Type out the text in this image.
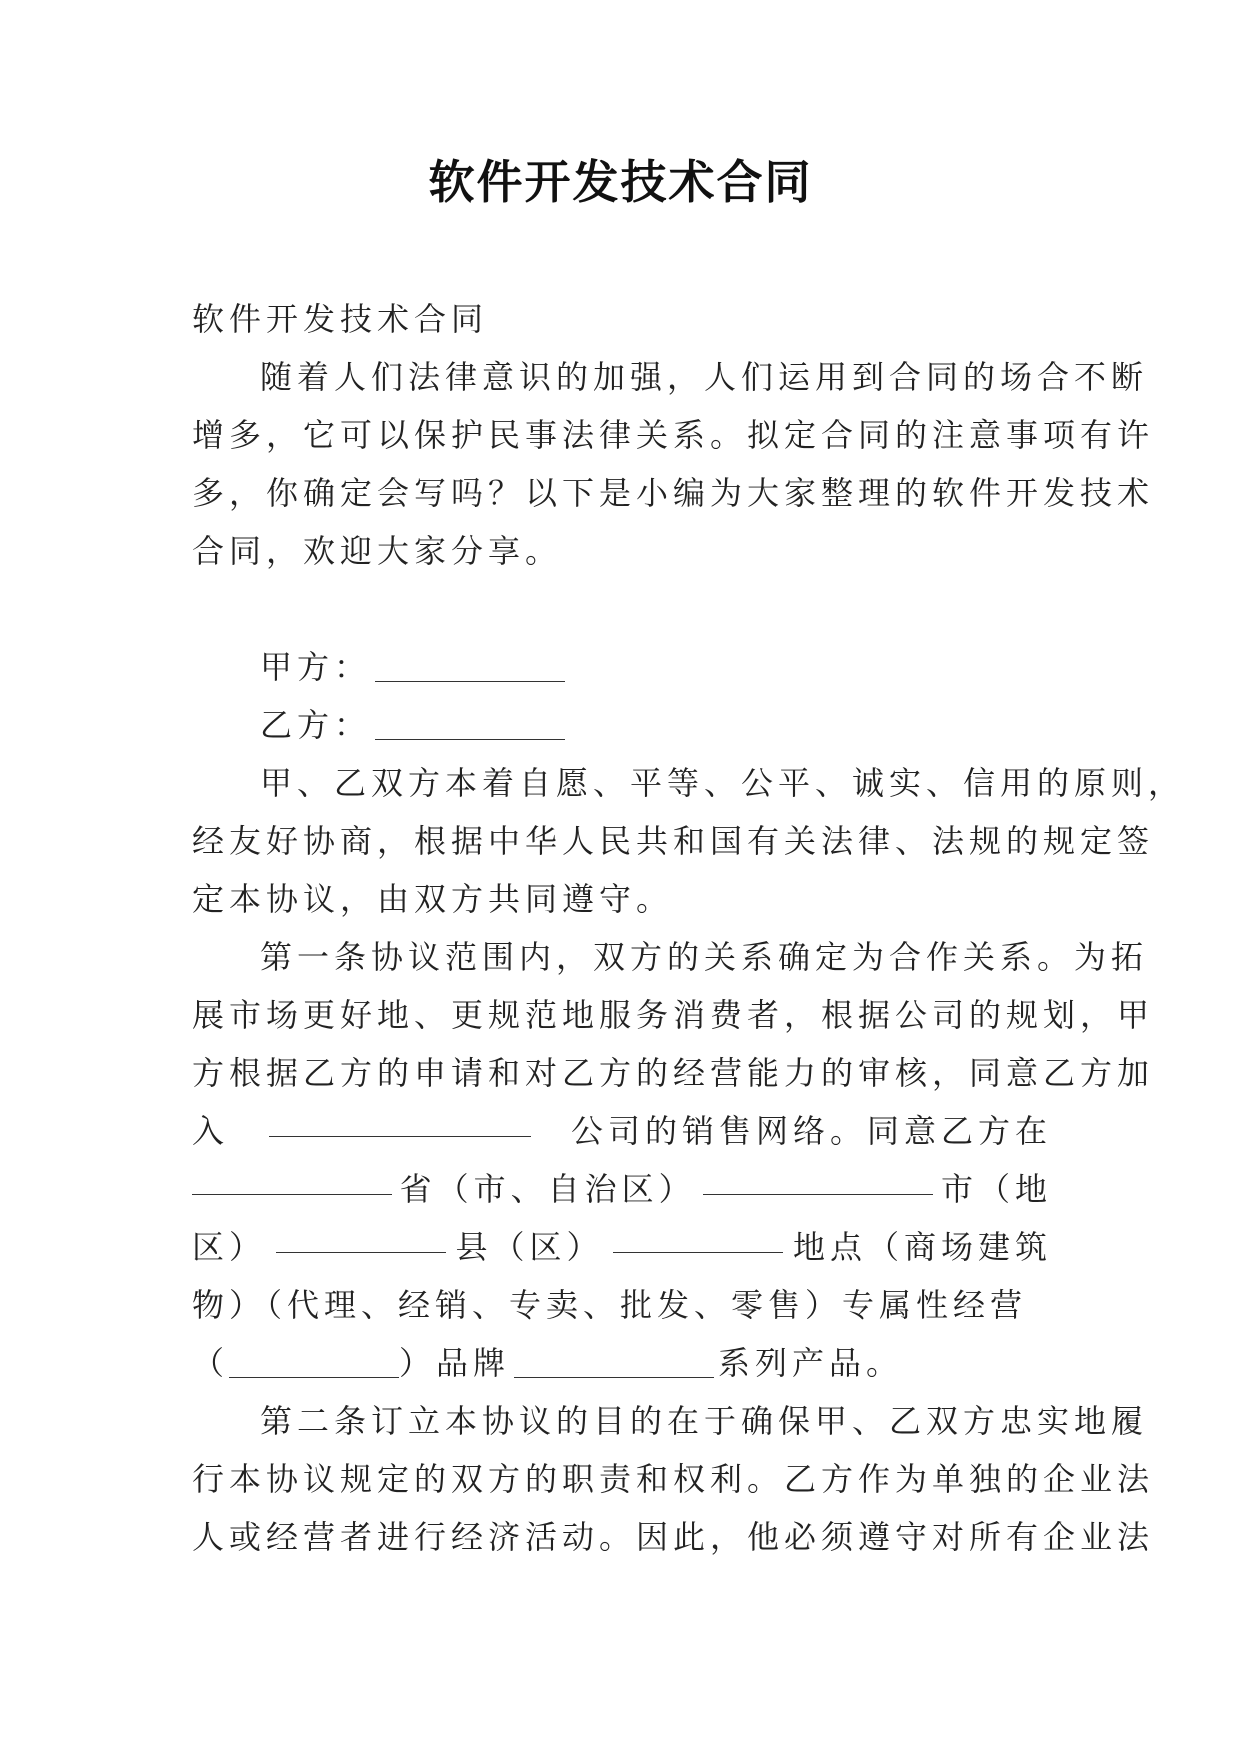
软件开发技术合同
软件开发技术合同
随着人们法律意识的加强，人们运用到合同的场合不断
增多，它可以保护民事法律关系。拟定合同的注意事项有许
多，你确定会写吗？以下是小编为大家整理的软件开发技术
合同，欢迎大家分享。
甲方：
乙方：
甲、乙双方本着自愿、平等、公平、诚实、信用的原则，
经友好协商，根据中华人民共和国有关法律、法规的规定签
定本协议，由双方共同遵守。
第一条协议范围内，双方的关系确定为合作关系。为拓
展市场更好地、更规范地服务消费者，根据公司的规划，甲
方根据乙方的申请和对乙方的经营能力的审核，同意乙方加
入	公司的销售网络。同意乙方在
省（市、自治区）	市（地
区）	县（区）	地点（商场建筑
物）（代理、经销、专卖、批发、零售）专属性经营
（	）品牌	系列产品。
第二条订立本协议的目的在于确保甲、乙双方忠实地履
行本协议规定的双方的职责和权利。乙方作为单独的企业法
人或经营者进行经济活动。因此，他必须遵守对所有企业法
